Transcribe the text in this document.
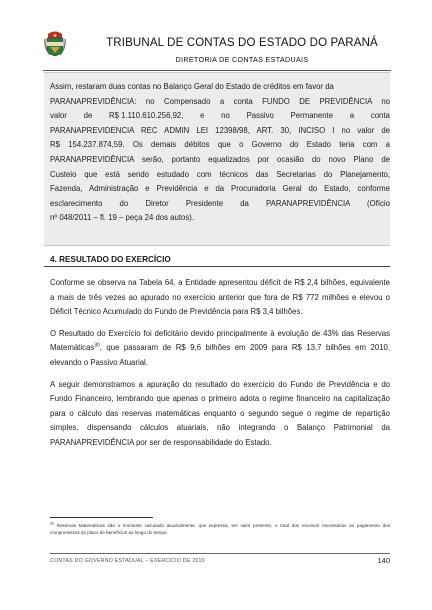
TRIBUNAL DE CONTAS DO ESTADO DO PARANÁ
DIRETORIA DE CONTAS ESTADUAIS
Assim, restaram duas contas no Balanço Geral do Estado de créditos em favor da
PARANAPREVIDÊNCIA: no Compensado a conta FUNDO DE PREVIDÊNCIA no
valor de R$ 1.110.610.256,92, e no Passivo Permanente a conta
PARANAPREVIDENCIA REC ADMIN LEI 12398/98, ART. 30, INCISO I no valor de
R$ 154.237.874,59. Os demais débitos que o Governo do Estado teria com a
PARANAPREVIDÊNCIA serão, portanto equalizados por ocasião do novo Plano de
Custeio que está sendo estudado com técnicos das Secretarias do Planejamento,
Fazenda, Administração e Previdência e da Procuradoria Geral do Estado, conforme
esclarecimento do Diretor Presidente da PARANAPREVIDÊNCIA (Ofício
nº 048/2011 – fl. 19 – peça 24 dos autos).
4. RESULTADO DO EXERCÍCIO

Conforme se observa na Tabela 64, a Entidade apresentou déficit de R$ 2,4 bilhões, equivalente a mais de três vezes ao apurado no exercício anterior que fora de R$ 772 milhões e elevou o Déficit Técnico Acumulado do Fundo de Previdência para R$ 3,4 bilhões.

O Resultado do Exercício foi deficitário devido principalmente à evolução de 43% das Reservas Matemáticas$^{30}$, que passaram de R$ 9,6 bilhões em 2009 para R$ 13,7 bilhões em 2010, elevando o Passivo Atuarial.

A seguir demonstramos a apuração do resultado do exercício do Fundo de Previdência e do Fundo Financeiro, lembrando que apenas o primeiro adota o regime financeiro na capitalização para o cálculo das reservas matemáticas enquanto o segundo segue o regime de repartição simples, dispensando cálculos atuariais, não integrando o Balanço Patrimonial da PARANAPREVIDÊNCIA por ser de responsabilidade do Estado.

$^{30}$ Reservas Matemáticas são o montante calculado atuarialmente, que expressa, em valor presente, o total dos recursos necessários ao pagamento dos compromissos do plano de benefícios ao longo do tempo.
CONTAS DO GOVERNO ESTADUAL – EXERCÍCIO DE 2010	140
